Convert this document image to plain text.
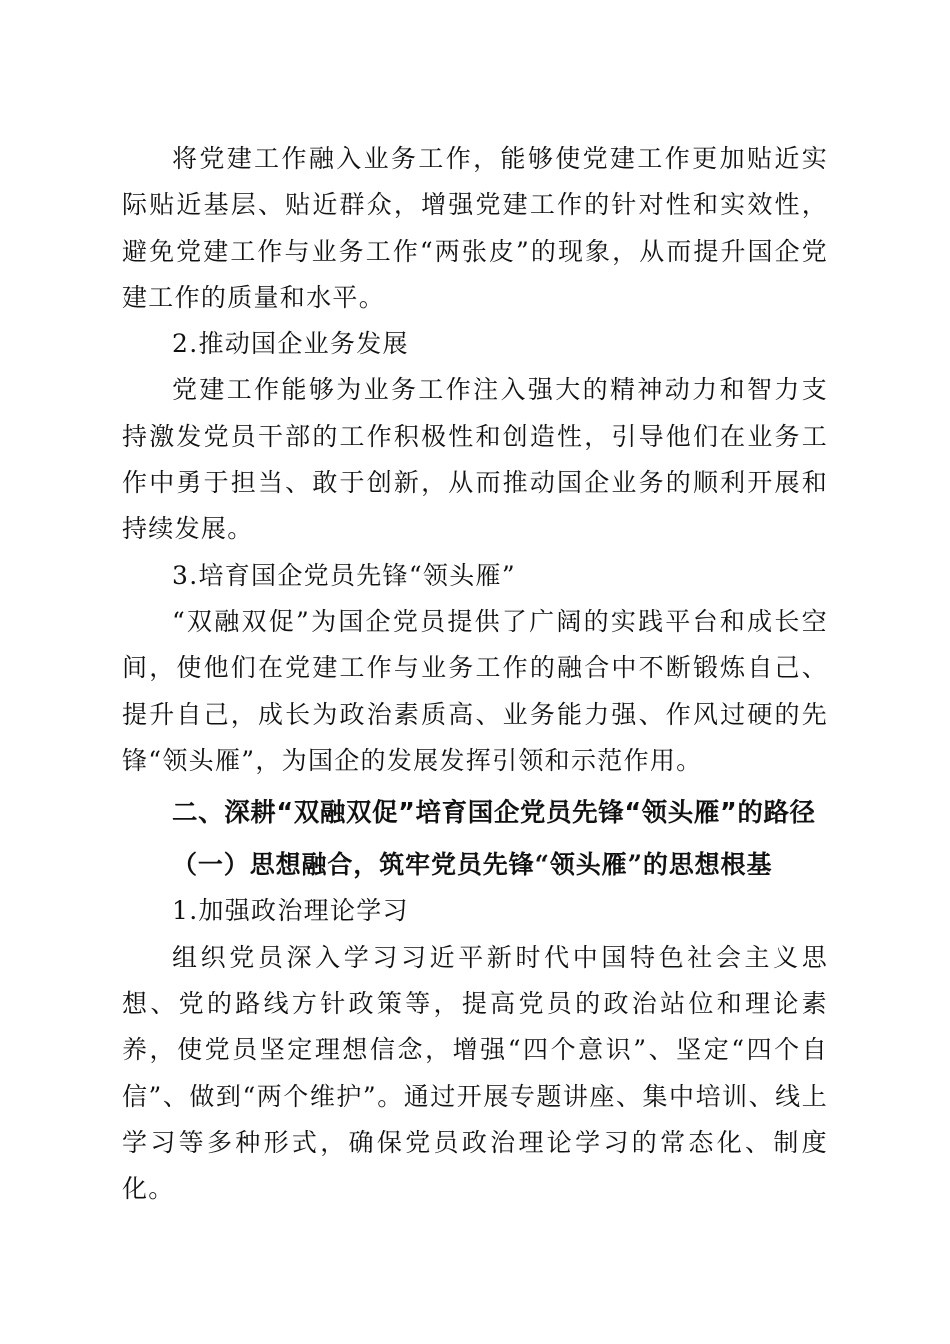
将党建工作融入业务工作，能够使党建工作更加贴近实际贴近基层、贴近群众，增强党建工作的针对性和实效性，避免党建工作与业务工作“两张皮”的现象，从而提升国企党建工作的质量和水平。

2.推动国企业务发展

党建工作能够为业务工作注入强大的精神动力和智力支持激发党员干部的工作积极性和创造性，引导他们在业务工作中勇于担当、敢于创新，从而推动国企业务的顺利开展和持续发展。

3.培育国企党员先锋“领头雁”

“双融双促”为国企党员提供了广阔的实践平台和成长空间，使他们在党建工作与业务工作的融合中不断锻炼自己、提升自己，成长为政治素质高、业务能力强、作风过硬的先锋“领头雁”，为国企的发展发挥引领和示范作用。

二、深耕“双融双促”培育国企党员先锋“领头雁”的路径

（一）思想融合，筑牢党员先锋“领头雁”的思想根基

1.加强政治理论学习

组织党员深入学习习近平新时代中国特色社会主义思想、党的路线方针政策等，提高党员的政治站位和理论素养，使党员坚定理想信念，增强“四个意识”、坚定“四个自信”、做到“两个维护”。通过开展专题讲座、集中培训、线上学习等多种形式，确保党员政治理论学习的常态化、制度化。
